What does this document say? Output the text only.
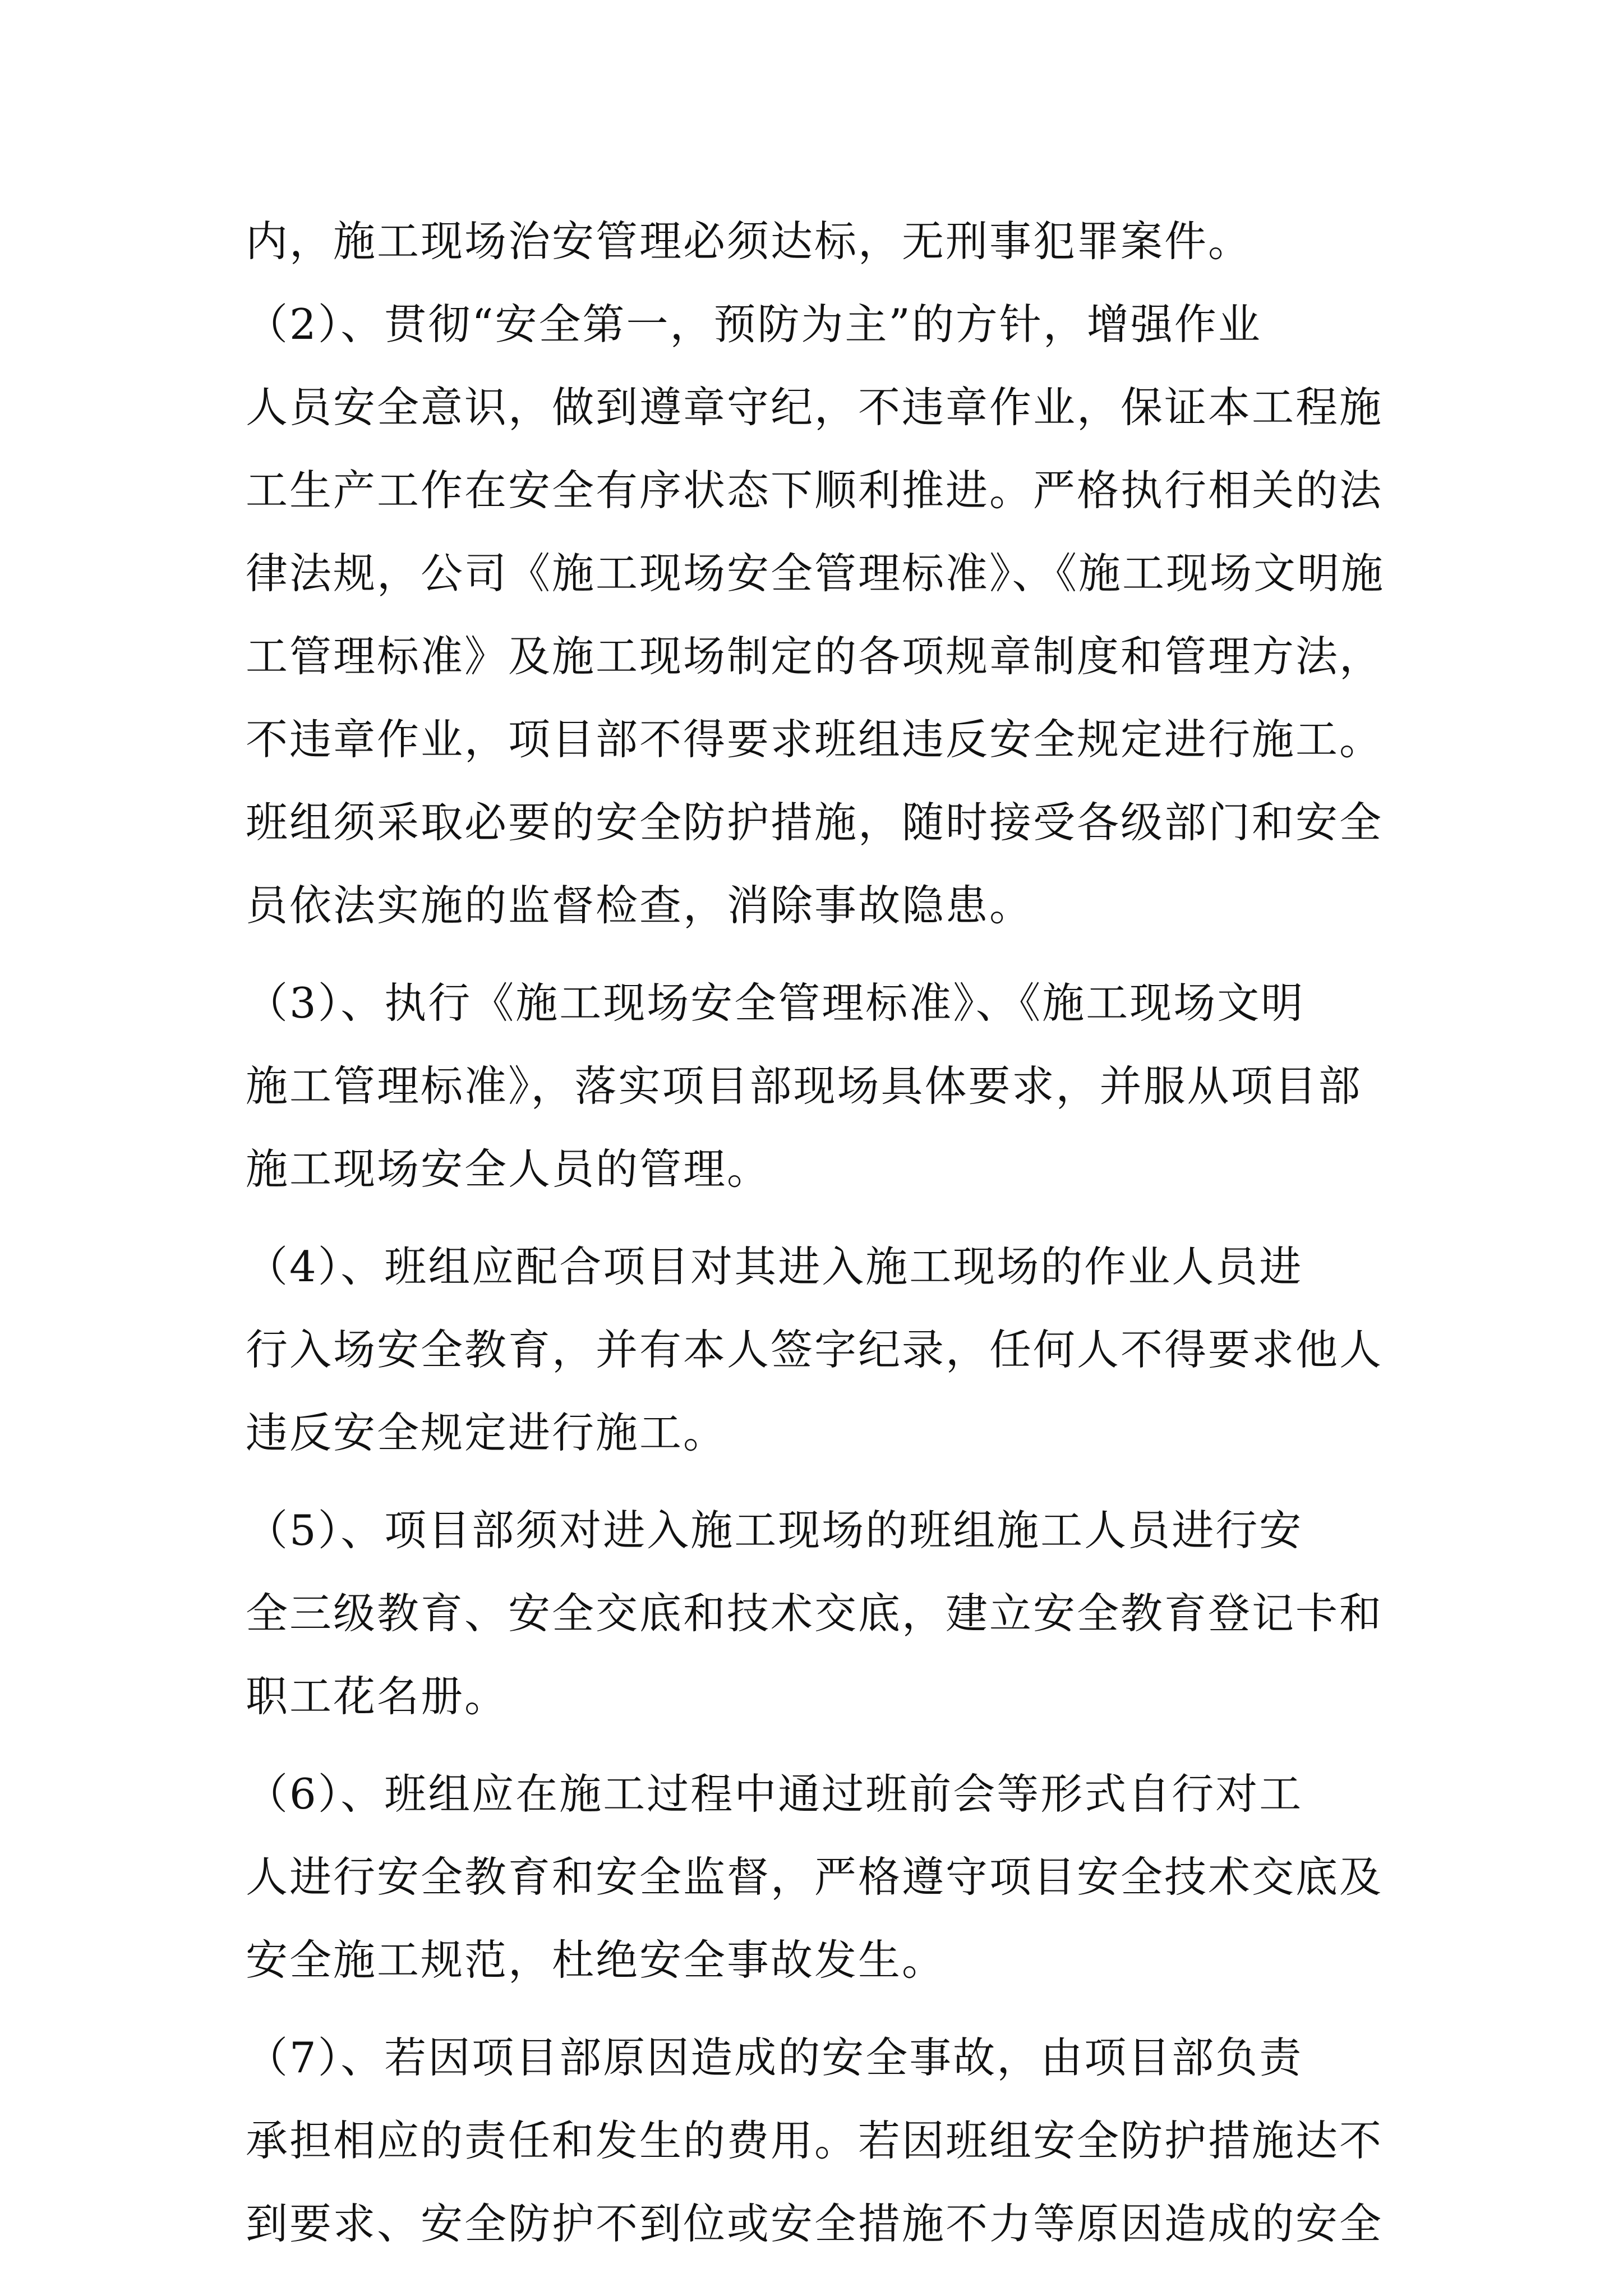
内，施工现场治安管理必须达标，无刑事犯罪案件。
（2）、贯彻“安全第一，预防为主”的方针，增强作业
人员安全意识，做到遵章守纪，不违章作业，保证本工程施
工生产工作在安全有序状态下顺利推进。严格执行相关的法
律法规，公司《施工现场安全管理标准》、《施工现场文明施
工管理标准》及施工现场制定的各项规章制度和管理方法，
不违章作业，项目部不得要求班组违反安全规定进行施工。
班组须采取必要的安全防护措施，随时接受各级部门和安全
员依法实施的监督检查，消除事故隐患。
（3）、执行《施工现场安全管理标准》、《施工现场文明
施工管理标准》，落实项目部现场具体要求，并服从项目部
施工现场安全人员的管理。
（4）、班组应配合项目对其进入施工现场的作业人员进
行入场安全教育，并有本人签字纪录，任何人不得要求他人
违反安全规定进行施工。
（5）、项目部须对进入施工现场的班组施工人员进行安
全三级教育、安全交底和技术交底，建立安全教育登记卡和
职工花名册。
（6）、班组应在施工过程中通过班前会等形式自行对工
人进行安全教育和安全监督，严格遵守项目安全技术交底及
安全施工规范，杜绝安全事故发生。
（7）、若因项目部原因造成的安全事故，由项目部负责
承担相应的责任和发生的费用。若因班组安全防护措施达不
到要求、安全防护不到位或安全措施不力等原因造成的安全
